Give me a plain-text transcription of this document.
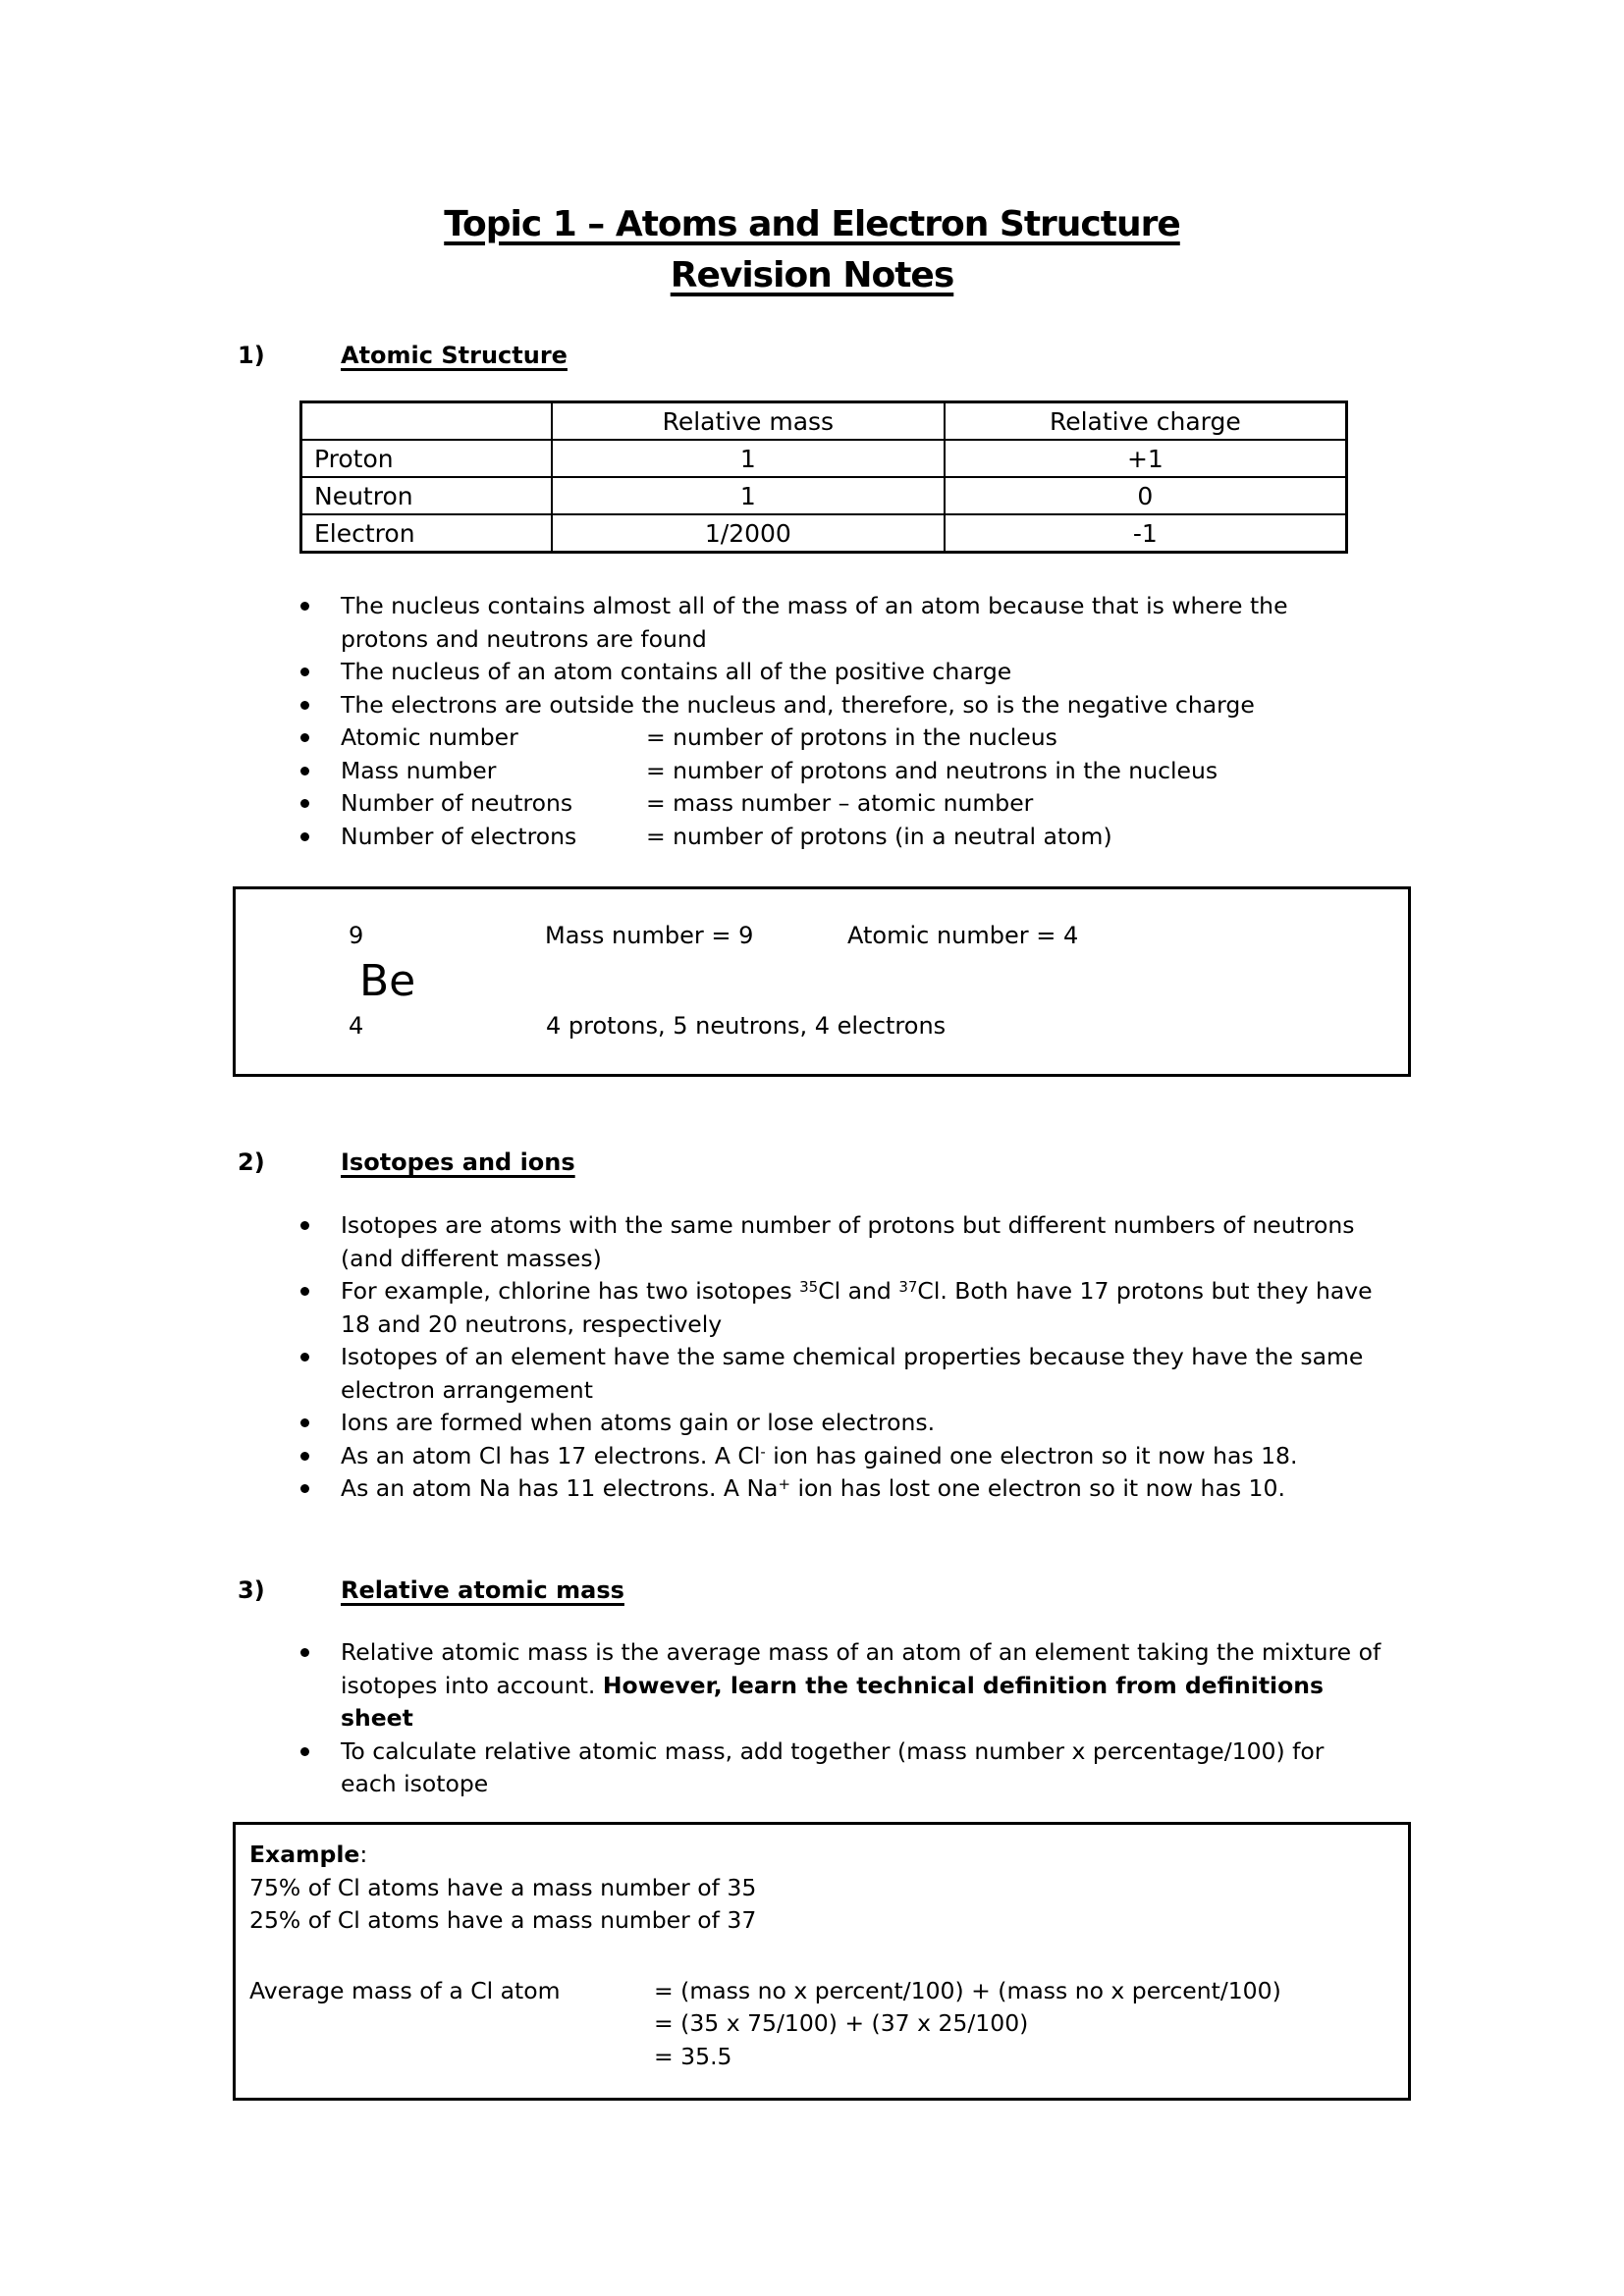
Topic 1 – Atoms and Electron Structure
Revision Notes
1)	Atomic Structure
	Relative mass	Relative charge
Proton	1	+1
Neutron	1	0
Electron	1/2000	-1
The nucleus contains almost all of the mass of an atom because that is where the protons and neutrons are found
The nucleus of an atom contains all of the positive charge
The electrons are outside the nucleus and, therefore, so is the negative charge
Atomic number	= number of protons in the nucleus
Mass number	= number of protons and neutrons in the nucleus
Number of neutrons	= mass number – atomic number
Number of electrons	= number of protons (in a neutral atom)
9	Mass number = 9	Atomic number = 4
Be
4	4 protons, 5 neutrons, 4 electrons
2)	Isotopes and ions
Isotopes are atoms with the same number of protons but different numbers of neutrons (and different masses)
For example, chlorine has two isotopes $^{35}$Cl and $^{37}$Cl. Both have 17 protons but they have 18 and 20 neutrons, respectively
Isotopes of an element have the same chemical properties because they have the same electron arrangement
Ions are formed when atoms gain or lose electrons.
As an atom Cl has 17 electrons. A Cl- ion has gained one electron so it now has 18.
As an atom Na has 11 electrons. A Na+ ion has lost one electron so it now has 10.
3)	Relative atomic mass
Relative atomic mass is the average mass of an atom of an element taking the mixture of isotopes into account. However, learn the technical definition from definitions sheet
To calculate relative atomic mass, add together (mass number x percentage/100) for each isotope
Example:
75% of Cl atoms have a mass number of 35
25% of Cl atoms have a mass number of 37
Average mass of a Cl atom	= (mass no x percent/100) + (mass no x percent/100)
= (35 x 75/100) + (37 x 25/100)
= 35.5
